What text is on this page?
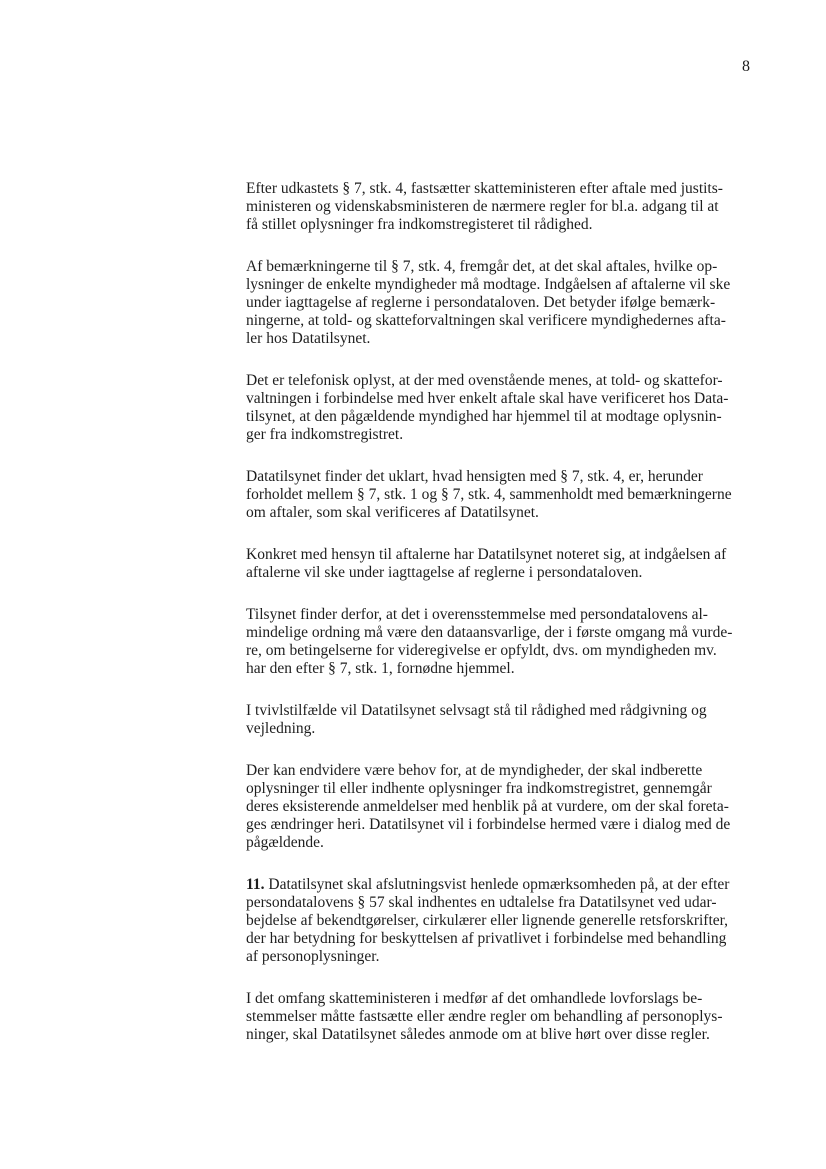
8
Efter udkastets § 7, stk. 4, fastsætter skatteministeren efter aftale med justits-
ministeren og videnskabsministeren de nærmere regler for bl.a. adgang til at
få stillet oplysninger fra indkomstregisteret til rådighed.
Af bemærkningerne til § 7, stk. 4, fremgår det, at det skal aftales, hvilke op-
lysninger de enkelte myndigheder må modtage. Indgåelsen af aftalerne vil ske
under iagttagelse af reglerne i persondataloven. Det betyder ifølge bemærk-
ningerne, at told- og skatteforvaltningen skal verificere myndighedernes afta-
ler hos Datatilsynet.
Det er telefonisk oplyst, at der med ovenstående menes, at told- og skattefor-
valtningen i forbindelse med hver enkelt aftale skal have verificeret hos Data-
tilsynet, at den pågældende myndighed har hjemmel til at modtage oplysnin-
ger fra indkomstregistret.
Datatilsynet finder det uklart, hvad hensigten med § 7, stk. 4, er, herunder
forholdet mellem § 7, stk. 1 og § 7, stk. 4, sammenholdt med bemærkningerne
om aftaler, som skal verificeres af Datatilsynet.
Konkret med hensyn til aftalerne har Datatilsynet noteret sig, at indgåelsen af
aftalerne vil ske under iagttagelse af reglerne i persondataloven.
Tilsynet finder derfor, at det i overensstemmelse med persondatalovens al-
mindelige ordning må være den dataansvarlige, der i første omgang må vurde-
re, om betingelserne for videregivelse er opfyldt, dvs. om myndigheden mv.
har den efter § 7, stk. 1, fornødne hjemmel.
I tvivlstilfælde vil Datatilsynet selvsagt stå til rådighed med rådgivning og
vejledning.
Der kan endvidere være behov for, at de myndigheder, der skal indberette
oplysninger til eller indhente oplysninger fra indkomstregistret, gennemgår
deres eksisterende anmeldelser med henblik på at vurdere, om der skal foreta-
ges ændringer heri. Datatilsynet vil i forbindelse hermed være i dialog med de
pågældende.
11. Datatilsynet skal afslutningsvist henlede opmærksomheden på, at der efter
persondatalovens § 57 skal indhentes en udtalelse fra Datatilsynet ved udar-
bejdelse af bekendtgørelser, cirkulærer eller lignende generelle retsforskrifter,
der har betydning for beskyttelsen af privatlivet i forbindelse med behandling
af personoplysninger.
I det omfang skatteministeren i medfør af det omhandlede lovforslags be-
stemmelser måtte fastsætte eller ændre regler om behandling af personoplys-
ninger, skal Datatilsynet således anmode om at blive hørt over disse regler.
